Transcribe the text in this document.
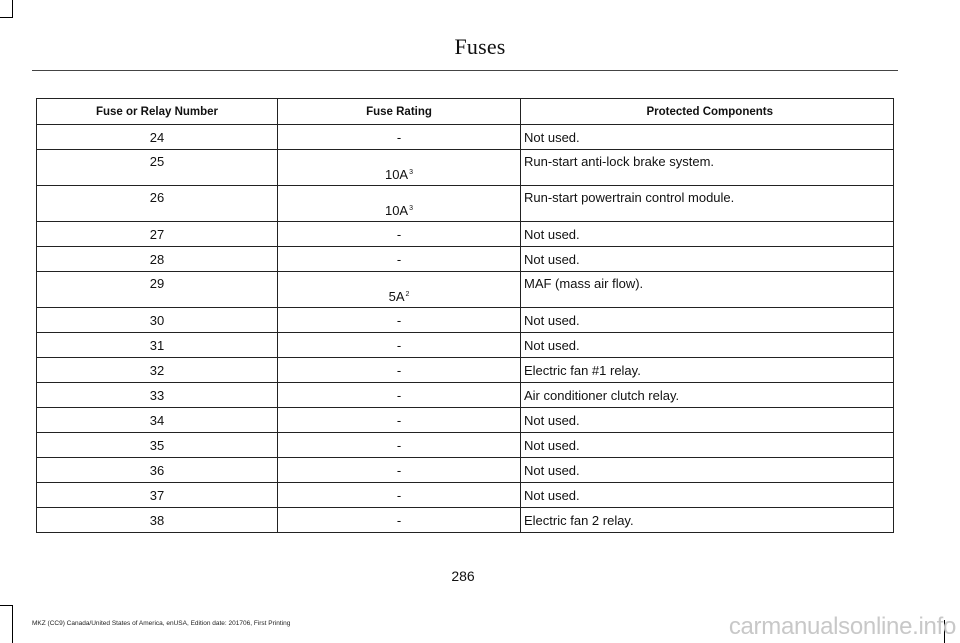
Fuses
Fuse or Relay Number	Fuse Rating	Protected Components
24	-	Not used.
25	$10A^3$	Run-start anti-lock brake system.
26	$10A^3$	Run-start powertrain control module.
27	-	Not used.
28	-	Not used.
29	$5A^2$	MAF (mass air flow).
30	-	Not used.
31	-	Not used.
32	-	Electric fan #1 relay.
33	-	Air conditioner clutch relay.
34	-	Not used.
35	-	Not used.
36	-	Not used.
37	-	Not used.
38	-	Electric fan 2 relay.
286
MKZ (CC9) Canada/United States of America, enUSA, Edition date: 201706, First Printing	carmanualsonline.info
